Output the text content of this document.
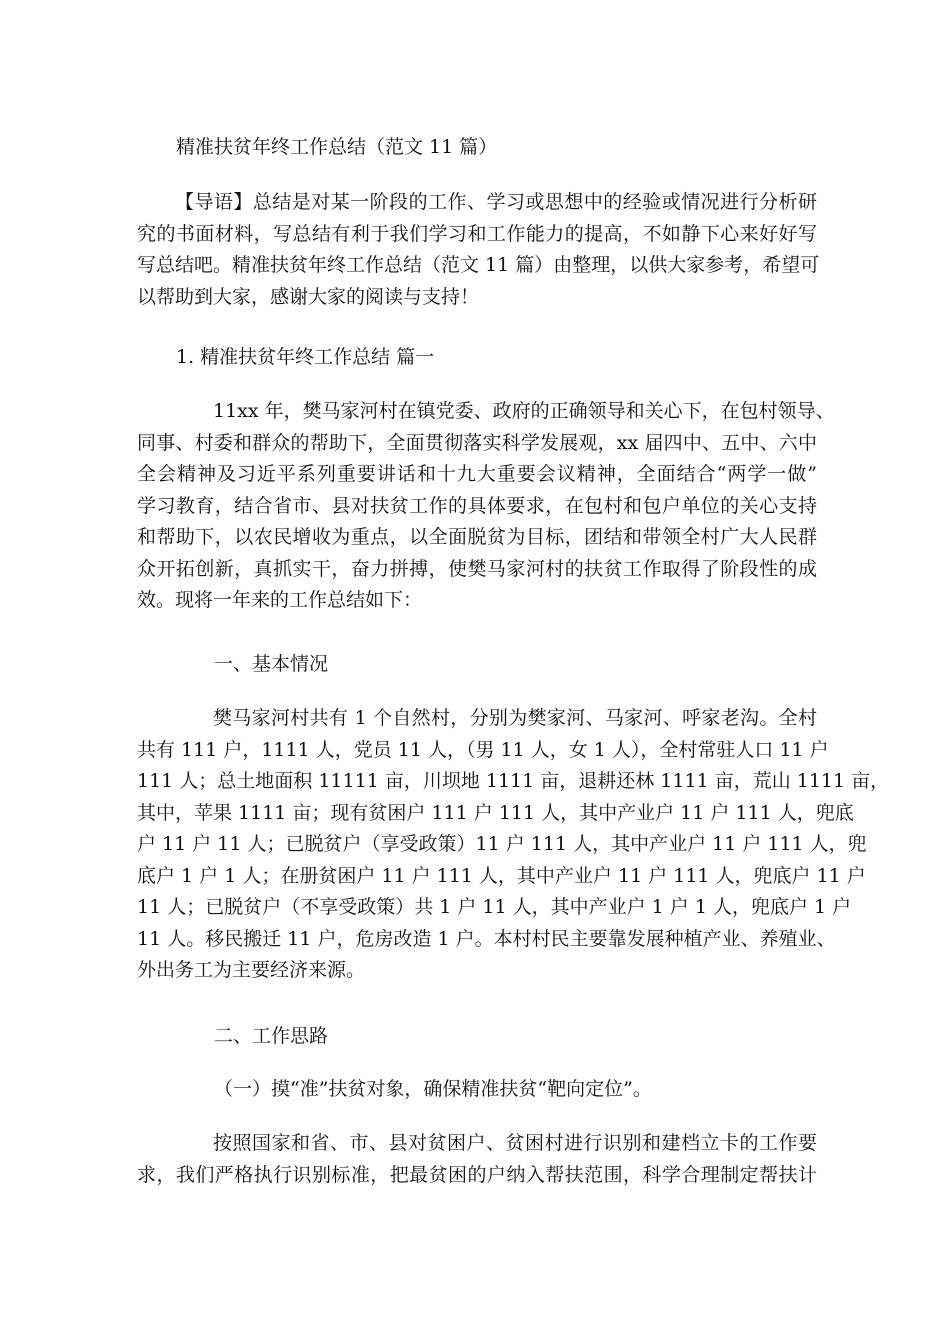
精准扶贫年终工作总结（范文 11 篇）
【导语】总结是对某一阶段的工作、学习或思想中的经验或情况进行分析研
究的书面材料，写总结有利于我们学习和工作能力的提高，不如静下心来好好写
写总结吧。精准扶贫年终工作总结（范文 11 篇）由整理，以供大家参考，希望可
以帮助到大家，感谢大家的阅读与支持！
1. 精准扶贫年终工作总结 篇一
11xx 年，樊马家河村在镇党委、政府的正确领导和关心下，在包村领导、
同事、村委和群众的帮助下，全面贯彻落实科学发展观，xx 届四中、五中、六中
全会精神及习近平系列重要讲话和十九大重要会议精神，全面结合“两学一做”
学习教育，结合省市、县对扶贫工作的具体要求，在包村和包户单位的关心支持
和帮助下，以农民增收为重点，以全面脱贫为目标，团结和带领全村广大人民群
众开拓创新，真抓实干，奋力拼搏，使樊马家河村的扶贫工作取得了阶段性的成
效。现将一年来的工作总结如下：
一、基本情况
樊马家河村共有 1 个自然村，分别为樊家河、马家河、呼家老沟。全村
共有 111 户，1111 人，党员 11 人，（男 11 人，女 1 人），全村常驻人口 11 户
111 人；总土地面积 11111 亩，川坝地 1111 亩，退耕还林 1111 亩，荒山 1111 亩，
其中，苹果 1111 亩；现有贫困户 111 户 111 人，其中产业户 11 户 111 人，兜底
户 11 户 11 人；已脱贫户（享受政策）11 户 111 人，其中产业户 11 户 111 人，兜
底户 1 户 1 人；在册贫困户 11 户 111 人，其中产业户 11 户 111 人，兜底户 11 户
11 人；已脱贫户（不享受政策）共 1 户 11 人，其中产业户 1 户 1 人，兜底户 1 户
11 人。移民搬迁 11 户，危房改造 1 户。本村村民主要靠发展种植产业、养殖业、
外出务工为主要经济来源。
二、工作思路
（一）摸“准”扶贫对象，确保精准扶贫“靶向定位”。
按照国家和省、市、县对贫困户、贫困村进行识别和建档立卡的工作要
求，我们严格执行识别标准，把最贫困的户纳入帮扶范围，科学合理制定帮扶计
